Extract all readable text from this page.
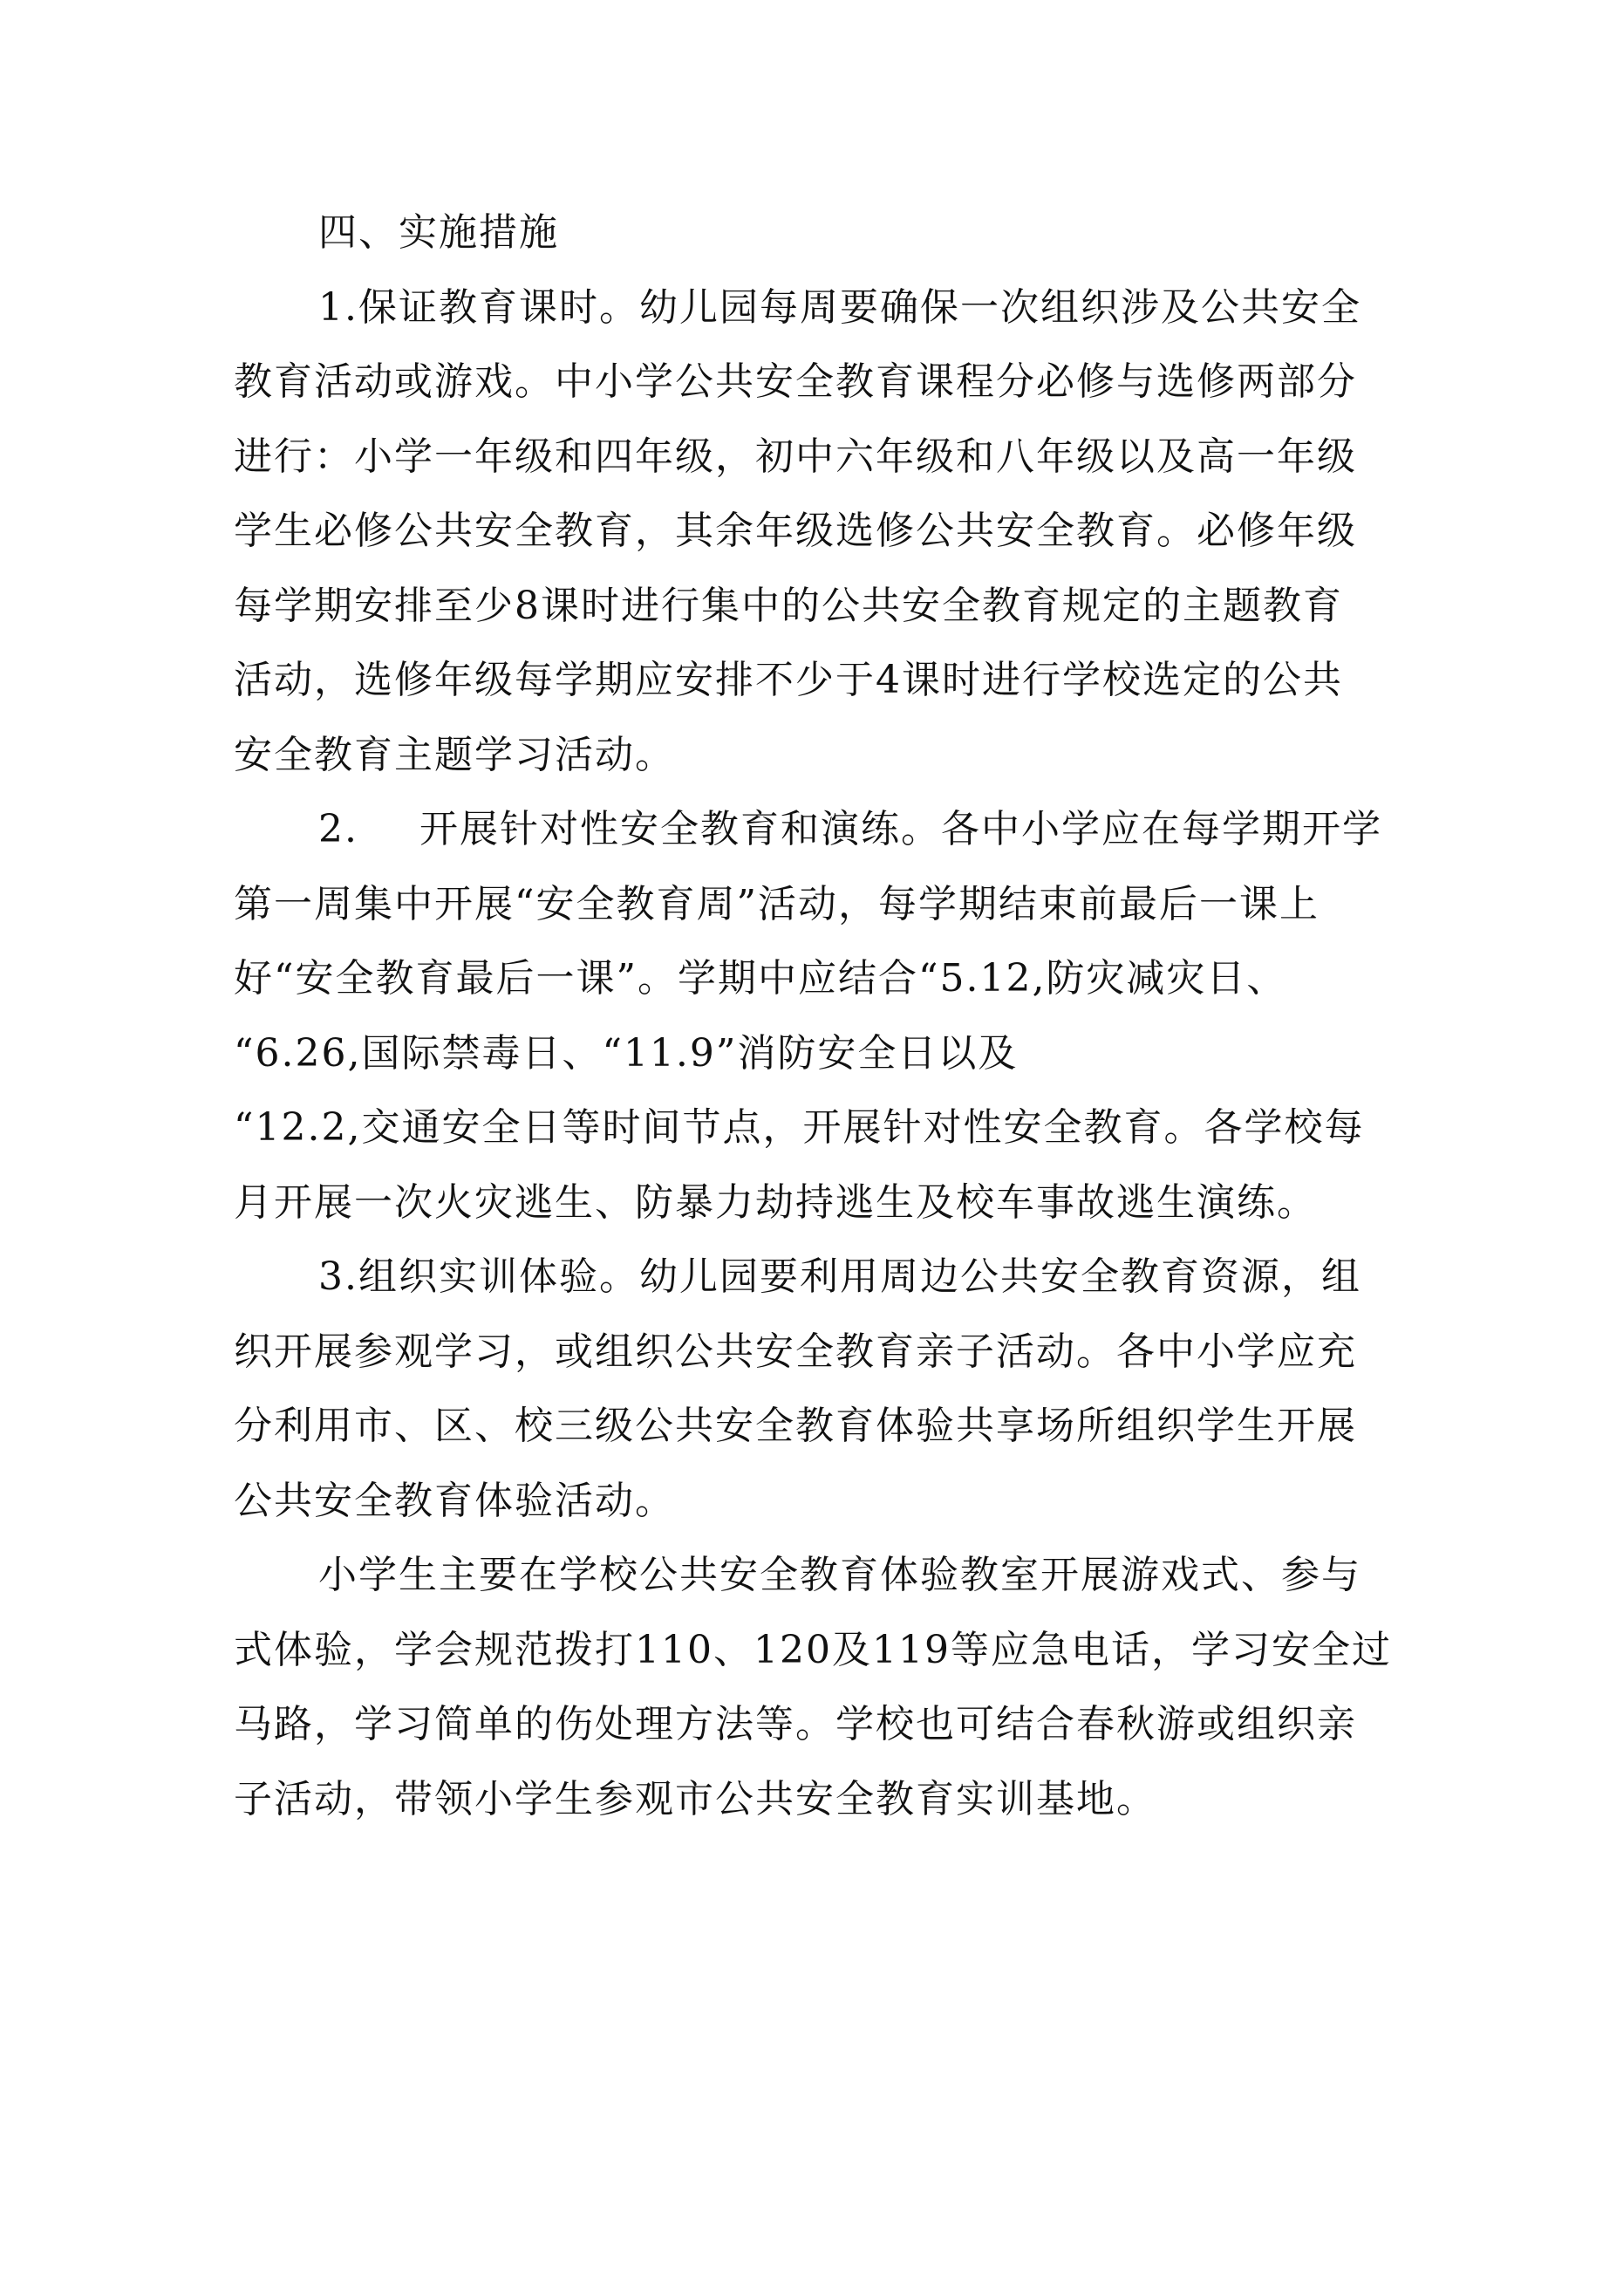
四、实施措施
1.保证教育课时。幼儿园每周要确保一次组织涉及公共安全
教育活动或游戏。中小学公共安全教育课程分必修与选修两部分
进行：小学一年级和四年级，初中六年级和八年级以及高一年级
学生必修公共安全教育，其余年级选修公共安全教育。必修年级
每学期安排至少8课时进行集中的公共安全教育规定的主题教育
活动，选修年级每学期应安排不少于4课时进行学校选定的公共
安全教育主题学习活动。
2. 开展针对性安全教育和演练。各中小学应在每学期开学
第一周集中开展“安全教育周”活动，每学期结束前最后一课上
好“安全教育最后一课”。学期中应结合“5.12,防灾减灾日、
“6.26,国际禁毒日、“11.9”消防安全日以及
“12.2,交通安全日等时间节点，开展针对性安全教育。各学校每
月开展一次火灾逃生、防暴力劫持逃生及校车事故逃生演练。
3.组织实训体验。幼儿园要利用周边公共安全教育资源，组
织开展参观学习，或组织公共安全教育亲子活动。各中小学应充
分利用市、区、校三级公共安全教育体验共享场所组织学生开展
公共安全教育体验活动。
小学生主要在学校公共安全教育体验教室开展游戏式、参与
式体验，学会规范拨打110、120及119等应急电话，学习安全过
马路，学习简单的伤处理方法等。学校也可结合春秋游或组织亲
子活动，带领小学生参观市公共安全教育实训基地。
